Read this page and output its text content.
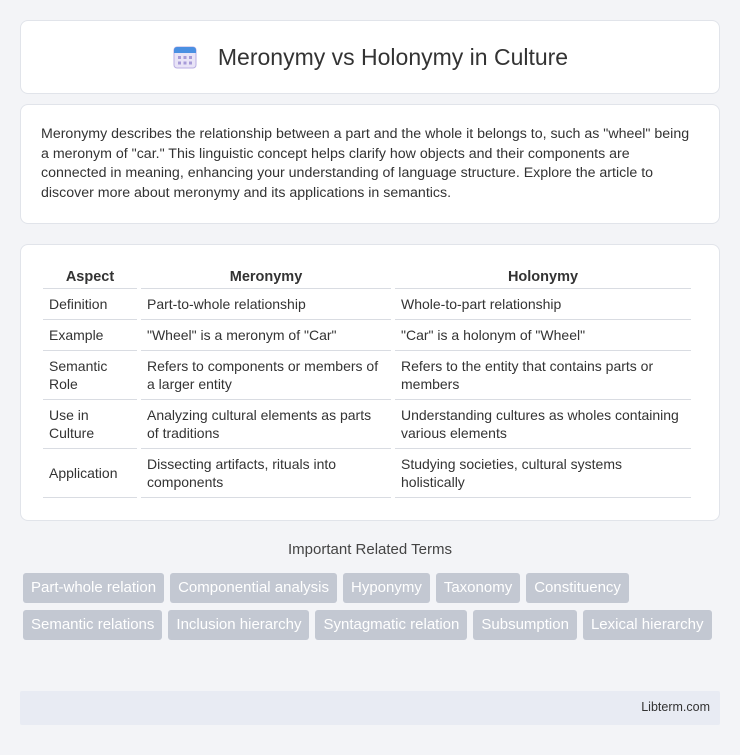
Meronymy vs Holonymy in Culture

Meronymy describes the relationship between a part and the whole it belongs to, such as "wheel" being a meronym of "car." This linguistic concept helps clarify how objects and their components are connected in meaning, enhancing your understanding of language structure. Explore the article to discover more about meronymy and its applications in semantics.

Aspect	Meronymy	Holonymy
Definition	Part-to-whole relationship	Whole-to-part relationship
Example	"Wheel" is a meronym of "Car"	"Car" is a holonym of "Wheel"
Semantic Role	Refers to components or members of a larger entity	Refers to the entity that contains parts or members
Use in Culture	Analyzing cultural elements as parts of traditions	Understanding cultures as wholes containing various elements
Application	Dissecting artifacts, rituals into components	Studying societies, cultural systems holistically
Important Related Terms
Part-whole relation	Componential analysis	Hyponymy	Taxonomy	Constituency
Semantic relations	Inclusion hierarchy	Syntagmatic relation	Subsumption	Lexical hierarchy
Libterm.com
